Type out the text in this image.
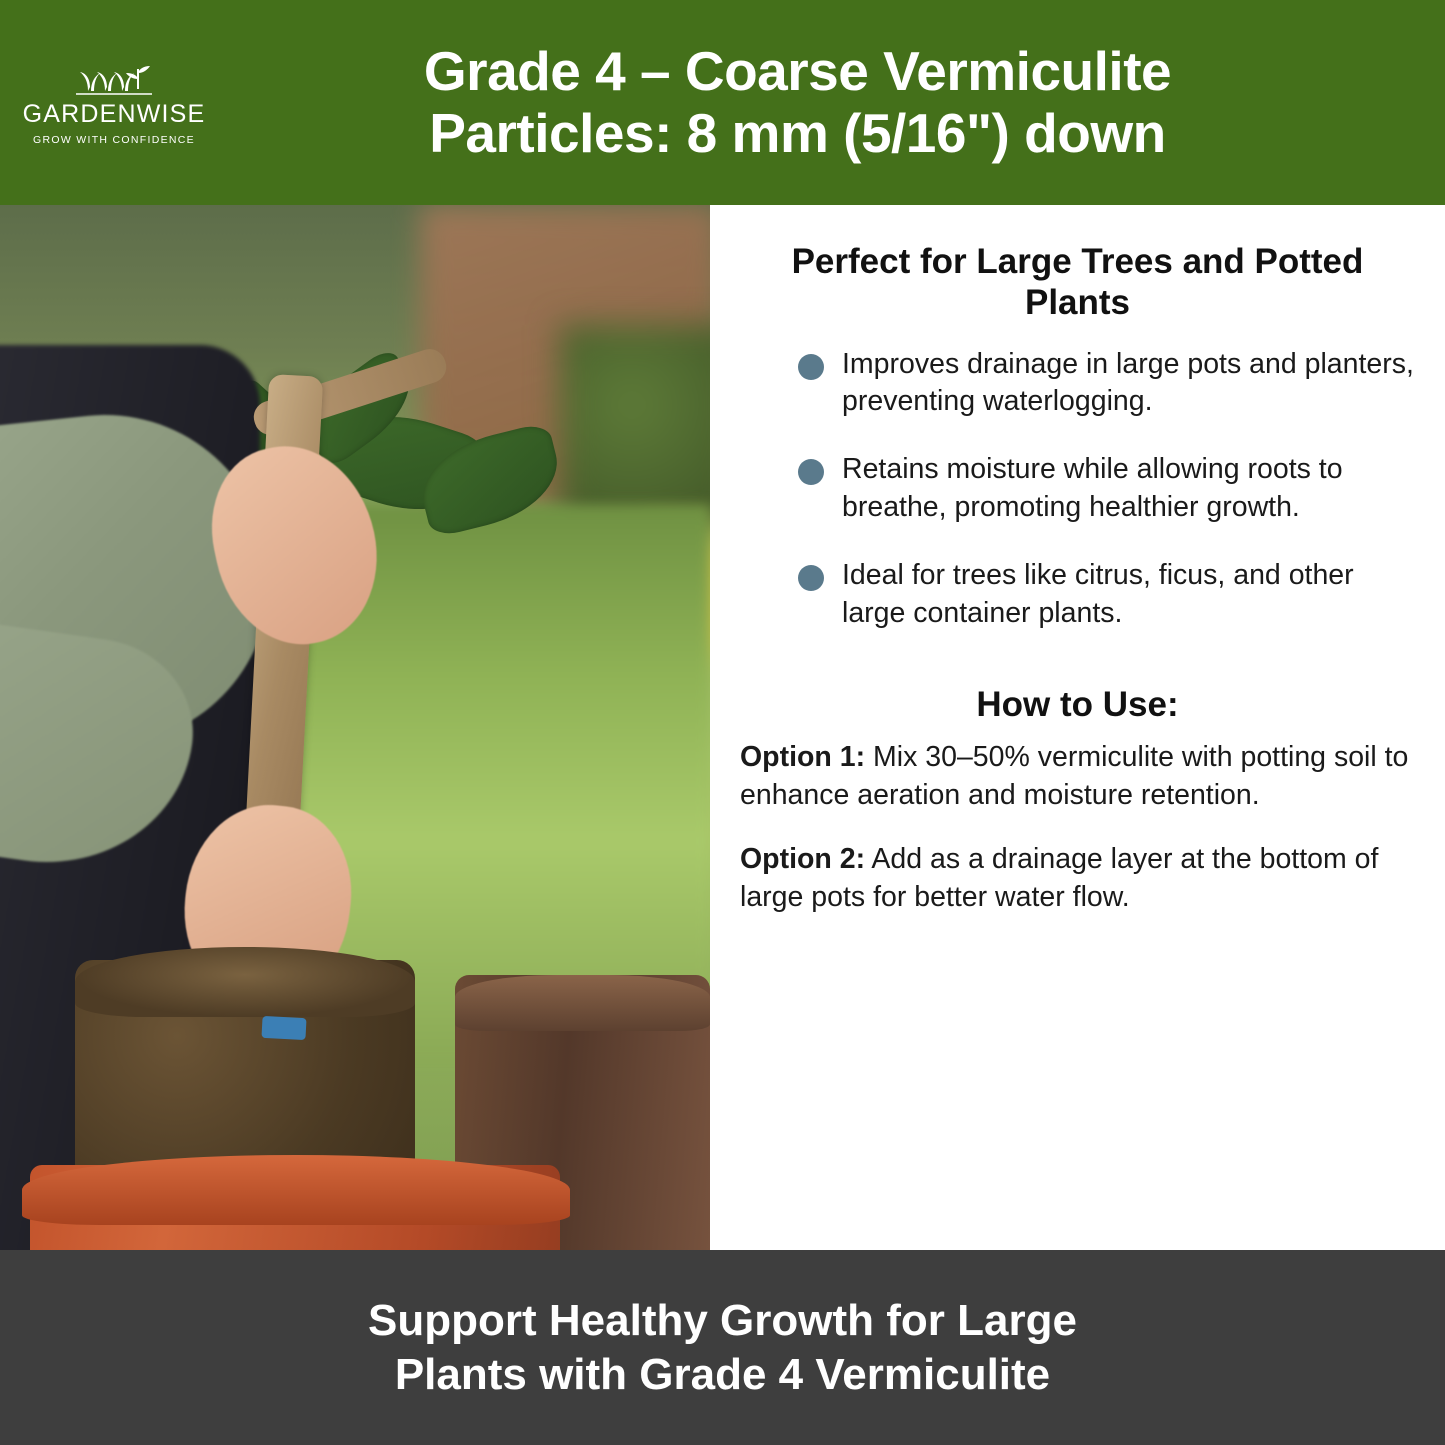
GARDENWISE
GROW WITH CONFIDENCE
Grade 4 – Coarse Vermiculite
Particles: 8 mm (5/16") down
Perfect for Large Trees and Potted Plants
Improves drainage in large pots and planters, preventing waterlogging.
Retains moisture while allowing roots to breathe, promoting healthier growth.
Ideal for trees like citrus, ficus, and other large container plants.
How to Use:

Option 1: Mix 30–50% vermiculite with potting soil to enhance aeration and moisture retention.

Option 2: Add as a drainage layer at the bottom of large pots for better water flow.

Support Healthy Growth for Large
Plants with Grade 4 Vermiculite
